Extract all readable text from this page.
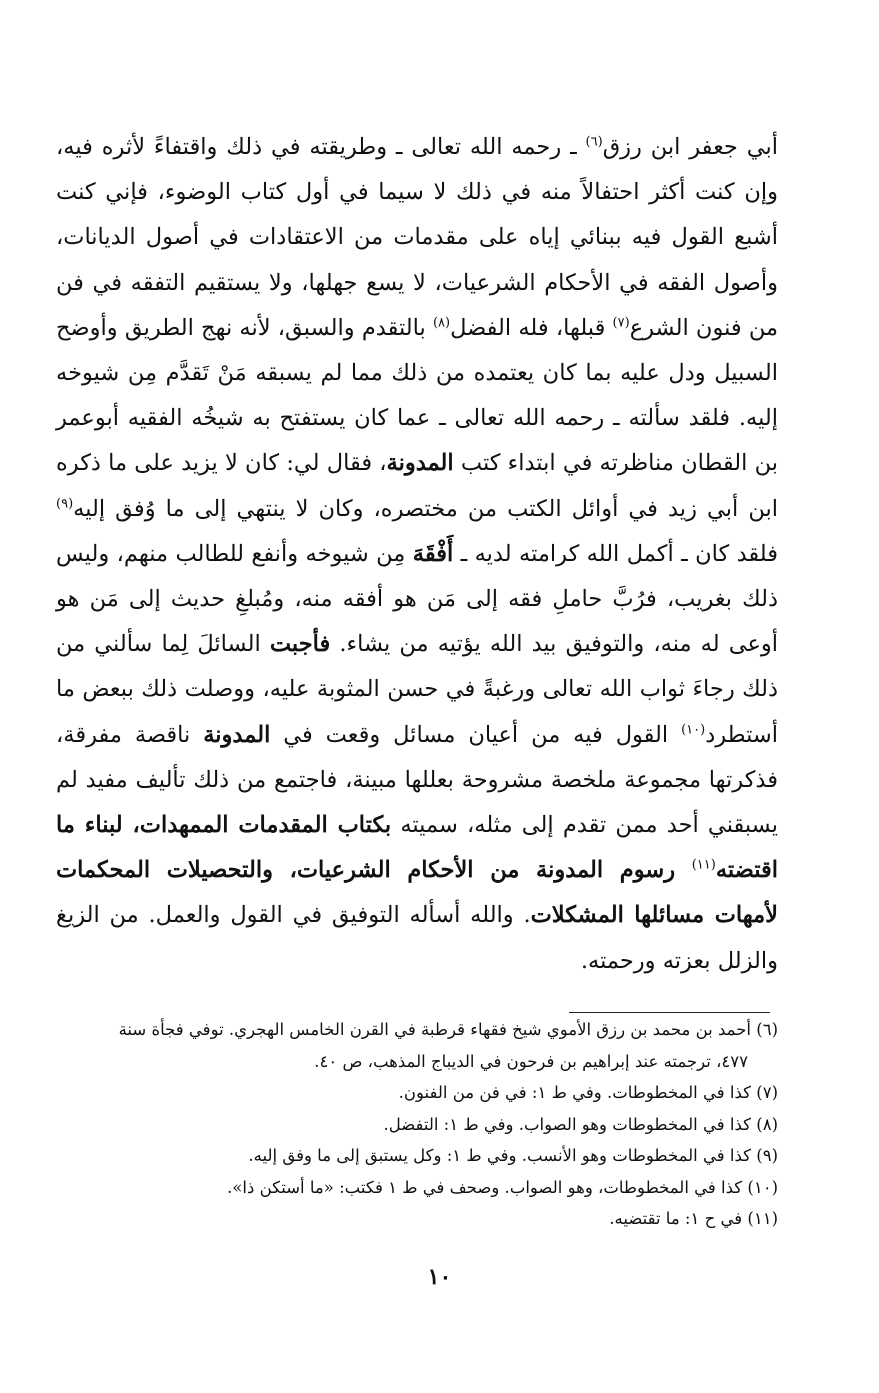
أبي جعفر ابن رزق$^{(٦)}$ ـ رحمه الله تعالى ـ وطريقته في ذلك واقتفاءً لأثره فيه، وإن كنت أكثر احتفالاً منه في ذلك لا سيما في أول كتاب الوضوء، فإني كنت أشبع القول فيه ببنائي إياه على مقدمات من الاعتقادات في أصول الديانات، وأصول الفقه في الأحكام الشرعيات، لا يسع جهلها، ولا يستقيم التفقه في فن من فنون الشرع$^{(٧)}$ قبلها، فله الفضل$^{(٨)}$ بالتقدم والسبق، لأنه نهج الطريق وأوضح السبيل ودل عليه بما كان يعتمده من ذلك مما لم يسبقه مَنْ تَقدَّم مِن شيوخه إليه. فلقد سألته ـ رحمه الله تعالى ـ عما كان يستفتح به شيخُه الفقيه أبوعمر بن القطان مناظرته في ابتداء كتب المدونة، فقال لي: كان لا يزيد على ما ذكره ابن أبي زيد في أوائل الكتب من مختصره، وكان لا ينتهي إلى ما وُفق إليه$^{(٩)}$ فلقد كان ـ أكمل الله كرامته لديه ـ أَفْقَهَ مِن شيوخه وأنفع للطالب منهم، وليس ذلك بغريب، فرُبَّ حاملِ فقه إلى مَن هو أفقه منه، ومُبلغِ حديث إلى مَن هو أوعى له منه، والتوفيق بيد الله يؤتيه من يشاء. فأجبت السائلَ لِما سألني من ذلك رجاءَ ثواب الله تعالى ورغبةً في حسن المثوبة عليه، ووصلت ذلك ببعض ما أستطرد$^{(١٠)}$ القول فيه من أعيان مسائل وقعت في المدونة ناقصة مفرقة، فذكرتها مجموعة ملخصة مشروحة بعللها مبينة، فاجتمع من ذلك تأليف مفيد لم يسبقني أحد ممن تقدم إلى مثله، سميته بكتاب المقدمات الممهدات، لبناء ما اقتضته$^{(١١)}$ رسوم المدونة من الأحكام الشرعيات، والتحصيلات المحكمات لأمهات مسائلها المشكلات. والله أسأله التوفيق في القول والعمل. من الزيغ والزلل بعزته ورحمته.

(٦) أحمد بن محمد بن رزق الأموي شيخ فقهاء قرطبة في القرن الخامس الهجري. توفي فجأة سنة

٤٧٧، ترجمته عند إبراهيم بن فرحون في الديباج المذهب، ص ٤٠.

(٧) كذا في المخطوطات. وفي ط ١: في فن من الفنون.

(٨) كذا في المخطوطات وهو الصواب. وفي ط ١: التفضل.

(٩) كذا في المخطوطات وهو الأنسب. وفي ط ١: وكل يستبق إلى ما وفق إليه.

(١٠) كذا في المخطوطات، وهو الصواب. وصحف في ط ١ فكتب: «ما أستكن ذا».

(١١) في ح ١: ما تقتضيه.

١٠
